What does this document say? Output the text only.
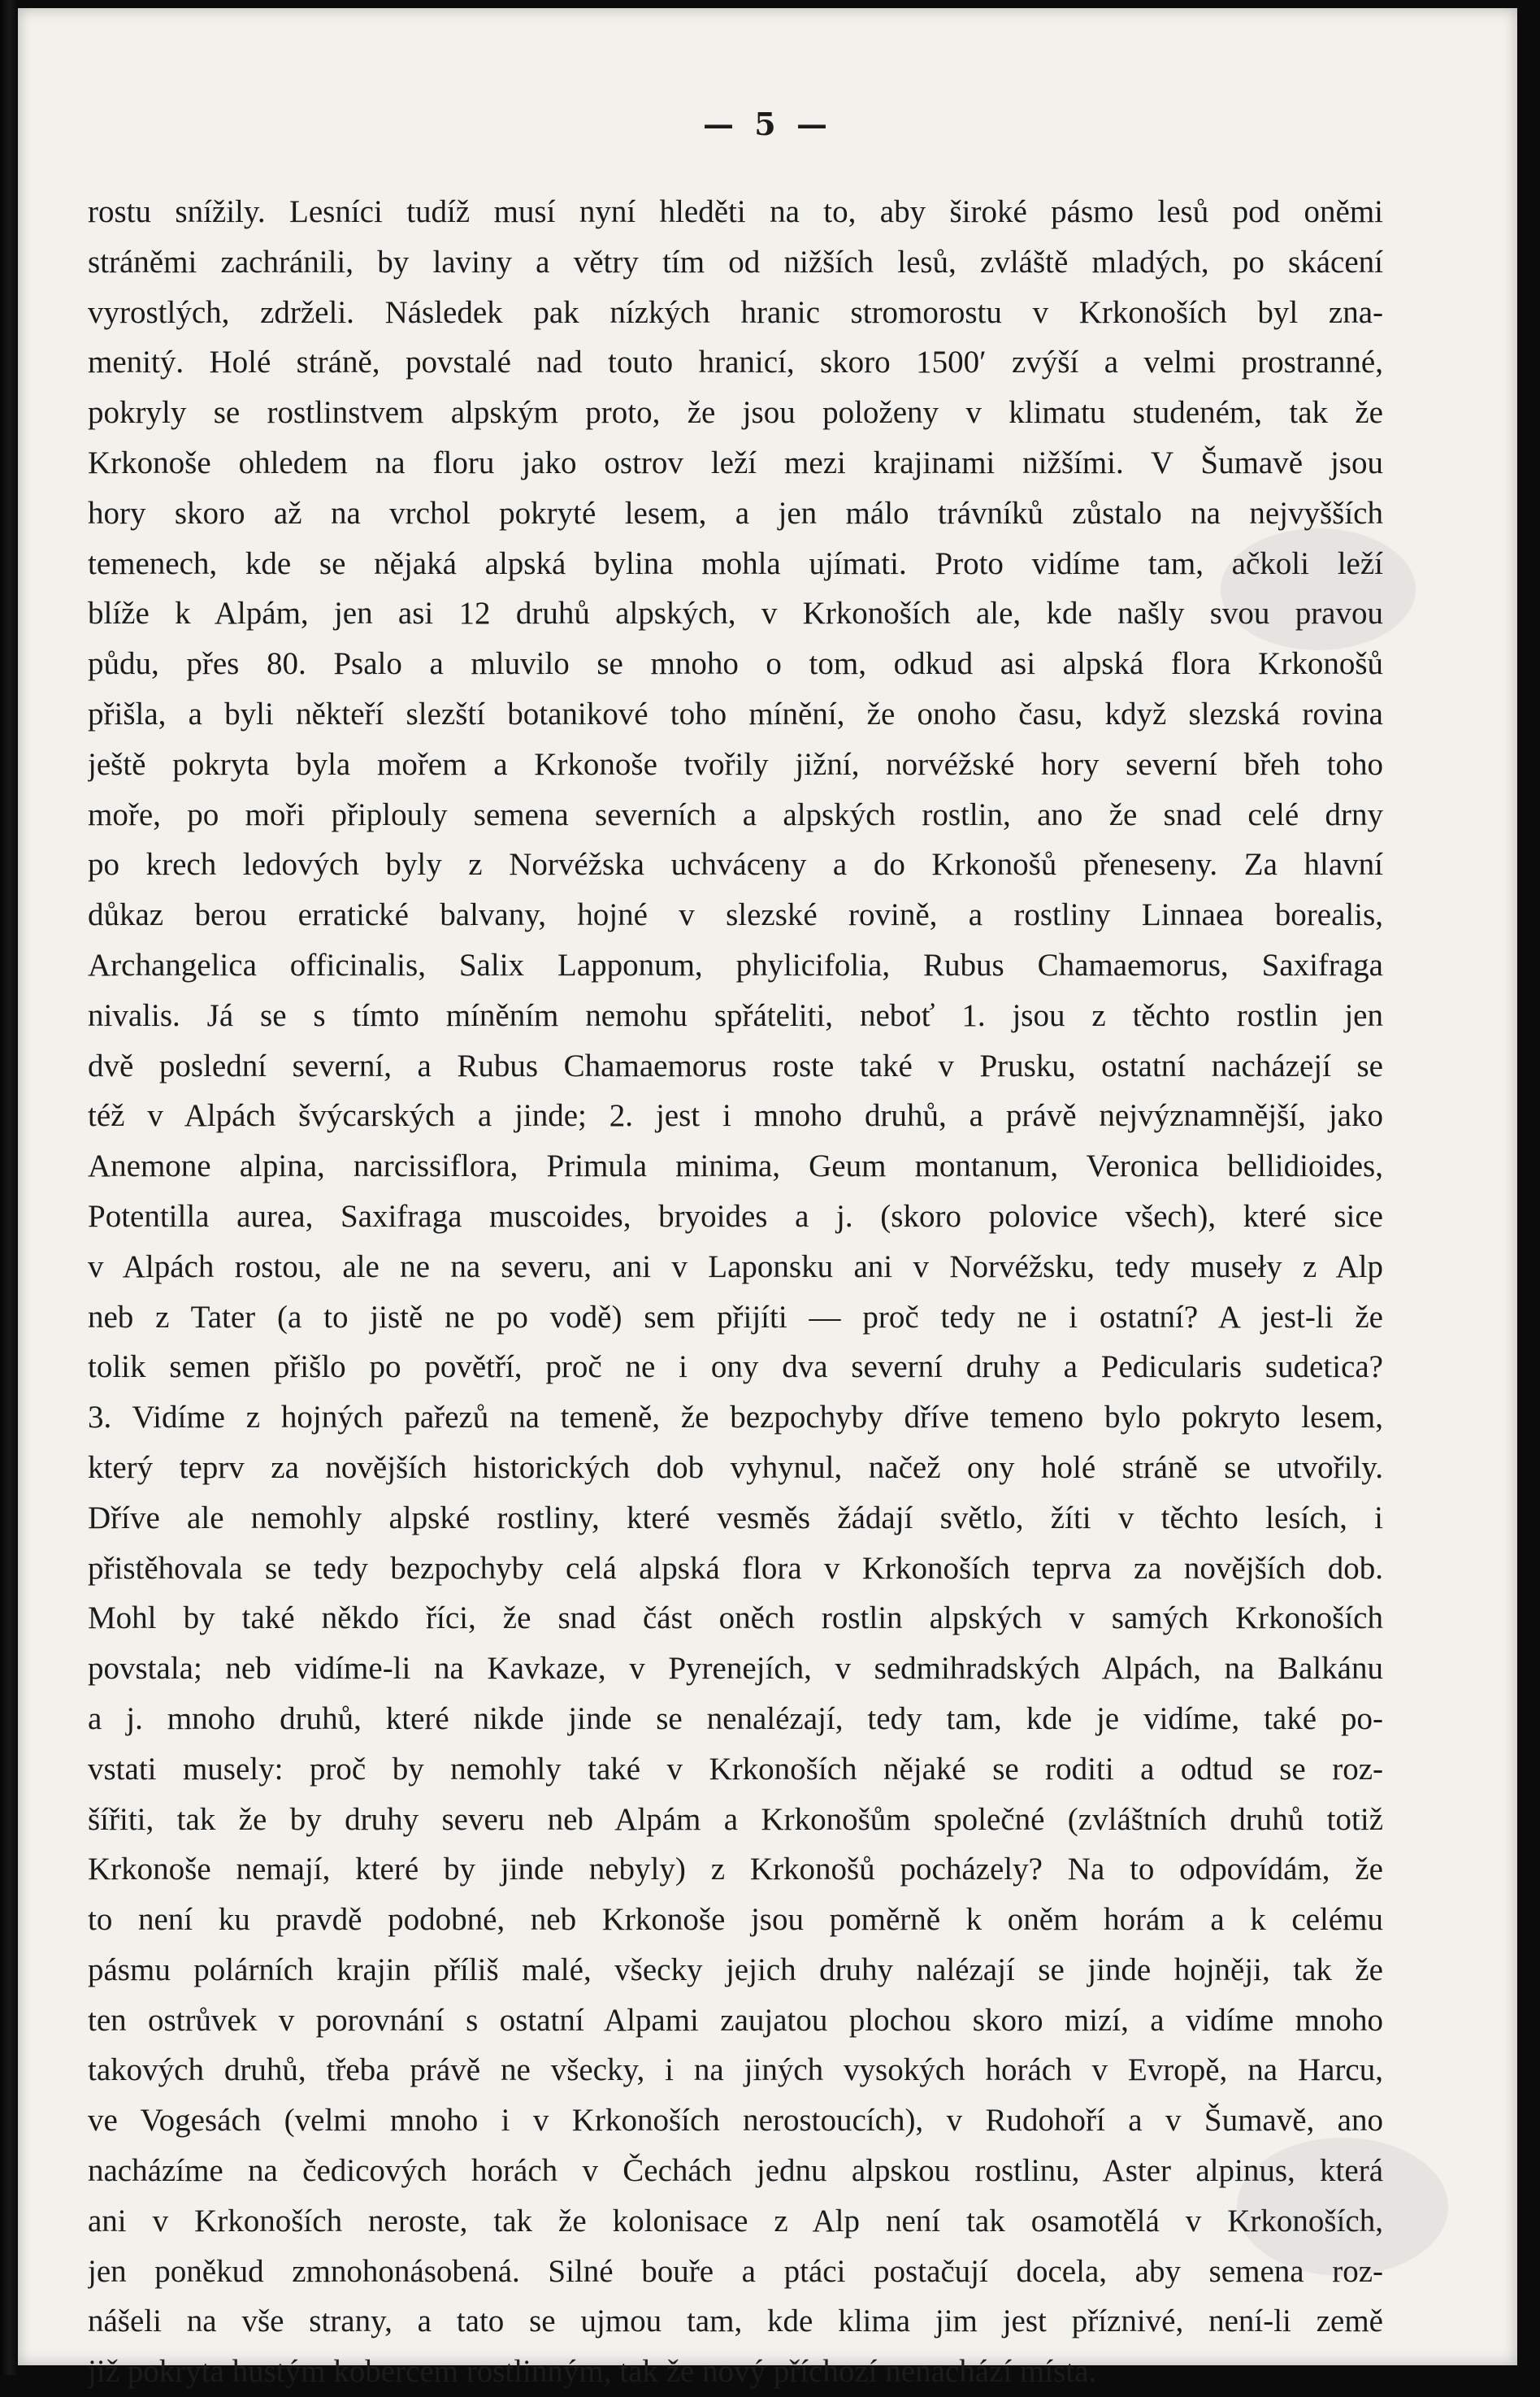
— 5 —
rostu snížily. Lesníci tudíž musí nyní hleděti na to, aby široké pásmo lesů pod oněmi
stráněmi zachránili, by laviny a větry tím od nižších lesů, zvláště mladých, po skácení
vyrostlých, zdrželi. Následek pak nízkých hranic stromorostu v Krkonoších byl zna-
menitý. Holé stráně, povstalé nad touto hranicí, skoro 1500′ zvýší a velmi prostranné,
pokryly se rostlinstvem alpským proto, že jsou položeny v klimatu studeném, tak že
Krkonoše ohledem na floru jako ostrov leží mezi krajinami nižšími. V Šumavě jsou
hory skoro až na vrchol pokryté lesem, a jen málo trávníků zůstalo na nejvyšších
temenech, kde se nějaká alpská bylina mohla ujímati. Proto vidíme tam, ačkoli leží
blíže k Alpám, jen asi 12 druhů alpských, v Krkonoších ale, kde našly svou pravou
půdu, přes 80. Psalo a mluvilo se mnoho o tom, odkud asi alpská flora Krkonošů
přišla, a byli někteří slezští botanikové toho mínění, že onoho času, když slezská rovina
ještě pokryta byla mořem a Krkonoše tvořily jižní, norvéžské hory severní břeh toho
moře, po moři připlouly semena severních a alpských rostlin, ano že snad celé drny
po krech ledových byly z Norvéžska uchváceny a do Krkonošů přeneseny. Za hlavní
důkaz berou erratické balvany, hojné v slezské rovině, a rostliny Linnaea borealis,
Archangelica officinalis, Salix Lapponum, phylicifolia, Rubus Chamaemorus, Saxifraga
nivalis. Já se s tímto míněním nemohu spřáteliti, neboť 1. jsou z těchto rostlin jen
dvě poslední severní, a Rubus Chamaemorus roste také v Prusku, ostatní nacházejí se
též v Alpách švýcarských a jinde; 2. jest i mnoho druhů, a právě nejvýznamnější, jako
Anemone alpina, narcissiflora, Primula minima, Geum montanum, Veronica bellidioides,
Potentilla aurea, Saxifraga muscoides, bryoides a j. (skoro polovice všech), které sice
v Alpách rostou, ale ne na severu, ani v Laponsku ani v Norvéžsku, tedy museły z Alp
neb z Tater (a to jistě ne po vodě) sem přijíti — proč tedy ne i ostatní? A jest-li že
tolik semen přišlo po povětří, proč ne i ony dva severní druhy a Pedicularis sudetica?
3. Vidíme z hojných pařezů na temeně, že bezpochyby dříve temeno bylo pokryto lesem,
který teprv za novějších historických dob vyhynul, načež ony holé stráně se utvořily.
Dříve ale nemohly alpské rostliny, které vesměs žádají světlo, žíti v těchto lesích, i
přistěhovala se tedy bezpochyby celá alpská flora v Krkonoších teprva za novějších dob.
Mohl by také někdo říci, že snad část oněch rostlin alpských v samých Krkonoších
povstala; neb vidíme-li na Kavkaze, v Pyrenejích, v sedmihradských Alpách, na Balkánu
a j. mnoho druhů, které nikde jinde se nenalézají, tedy tam, kde je vidíme, také po-
vstati musely: proč by nemohly také v Krkonoších nějaké se roditi a odtud se roz-
šířiti, tak že by druhy severu neb Alpám a Krkonošům společné (zvláštních druhů totiž
Krkonoše nemají, které by jinde nebyly) z Krkonošů pocházely? Na to odpovídám, že
to není ku pravdě podobné, neb Krkonoše jsou poměrně k oněm horám a k celému
pásmu polárních krajin příliš malé, všecky jejich druhy nalézají se jinde hojněji, tak že
ten ostrůvek v porovnání s ostatní Alpami zaujatou plochou skoro mizí, a vidíme mnoho
takových druhů, třeba právě ne všecky, i na jiných vysokých horách v Evropě, na Harcu,
ve Vogesách (velmi mnoho i v Krkonoších nerostoucích), v Rudohoří a v Šumavě, ano
nacházíme na čedicových horách v Čechách jednu alpskou rostlinu, Aster alpinus, která
ani v Krkonoších neroste, tak že kolonisace z Alp není tak osamotělá v Krkonoších,
jen poněkud zmnohonásobená. Silné bouře a ptáci postačují docela, aby semena roz-
nášeli na vše strany, a tato se ujmou tam, kde klima jim jest příznivé, není-li země
již pokryta hustým kobercem rostlinným, tak že nový příchozí nenachází místa.
